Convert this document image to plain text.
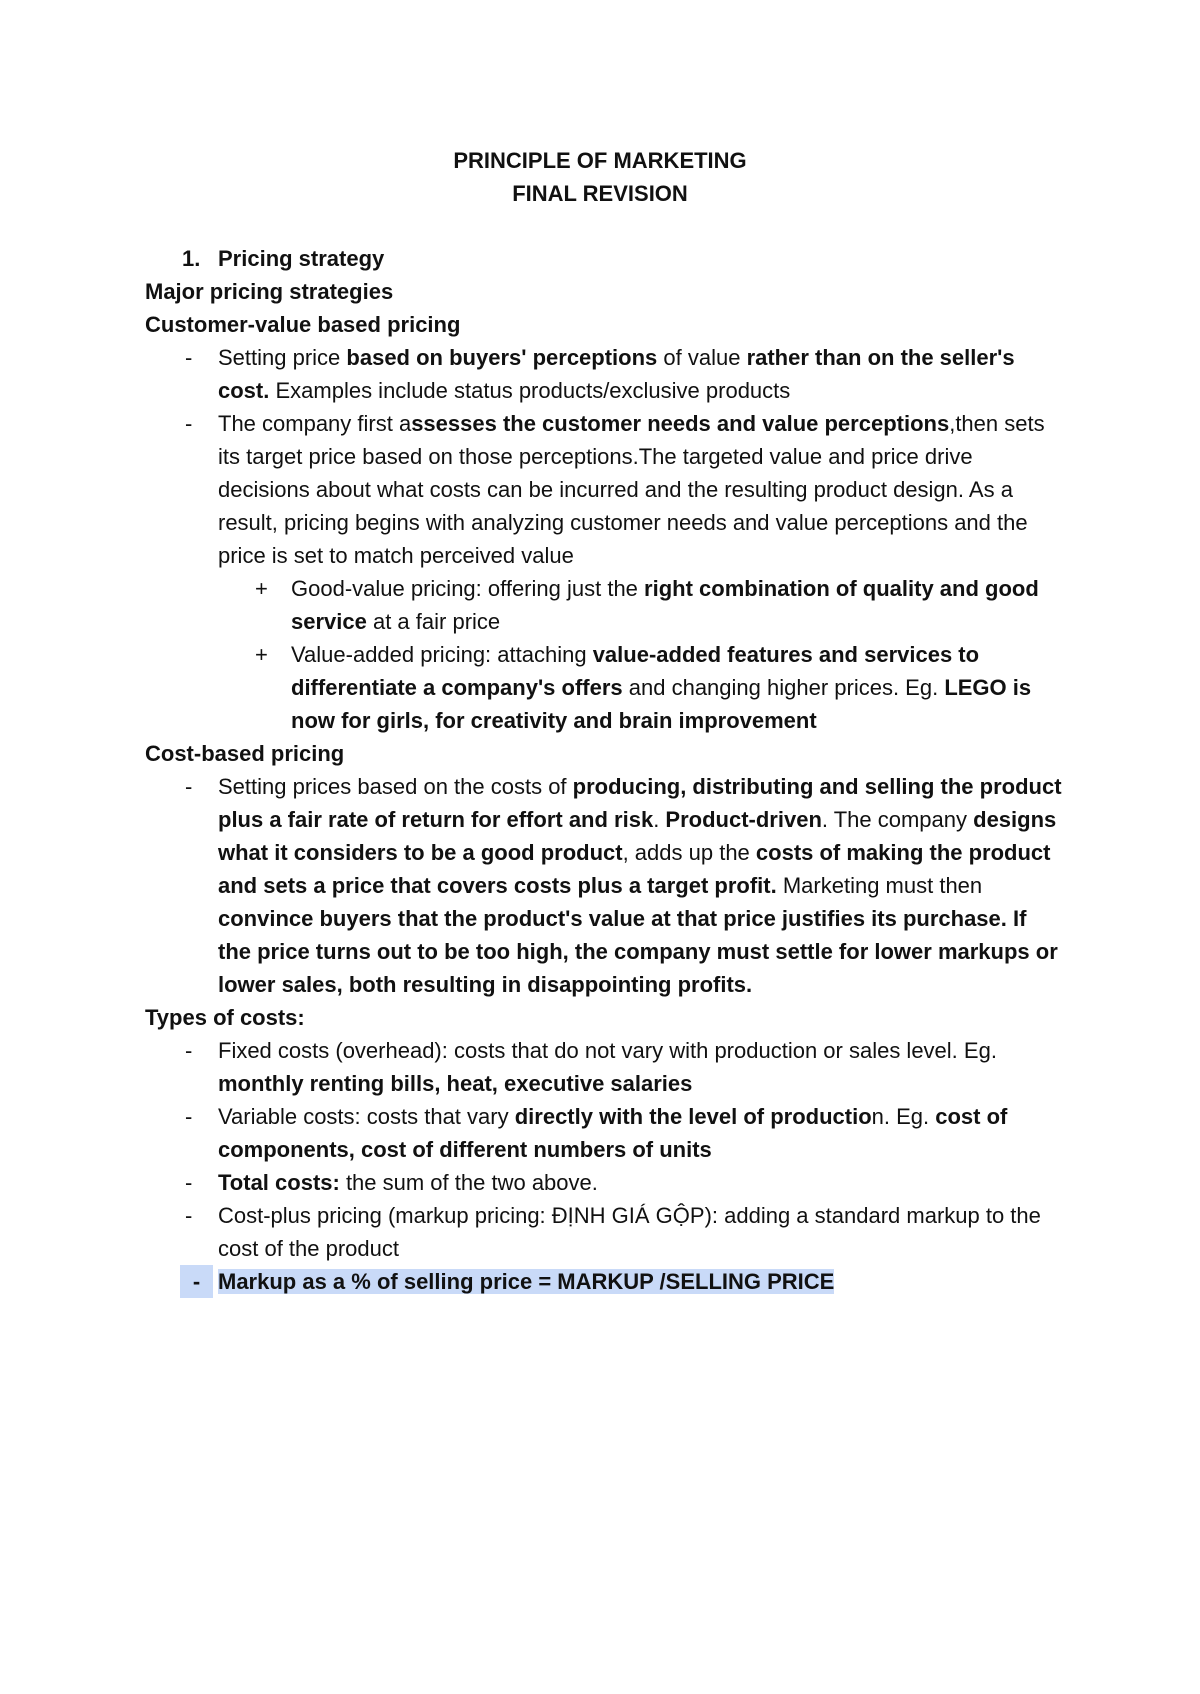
PRINCIPLE OF MARKETING
FINAL REVISION
1. Pricing strategy
Major pricing strategies
Customer-value based pricing
- Setting price based on buyers' perceptions of value rather than on the seller's cost. Examples include status products/exclusive products
- The company first assesses the customer needs and value perceptions,then sets its target price based on those perceptions.The targeted value and price drive decisions about what costs can be incurred and the resulting product design. As a result, pricing begins with analyzing customer needs and value perceptions and the price is set to match perceived value
+ Good-value pricing: offering just the right combination of quality and good service at a fair price
+ Value-added pricing: attaching value-added features and services to differentiate a company's offers and changing higher prices. Eg. LEGO is now for girls, for creativity and brain improvement
Cost-based pricing
- Setting prices based on the costs of producing, distributing and selling the product plus a fair rate of return for effort and risk. Product-driven. The company designs what it considers to be a good product, adds up the costs of making the product and sets a price that covers costs plus a target profit. Marketing must then convince buyers that the product's value at that price justifies its purchase. If the price turns out to be too high, the company must settle for lower markups or lower sales, both resulting in disappointing profits.
Types of costs:
- Fixed costs (overhead): costs that do not vary with production or sales level. Eg. monthly renting bills, heat, executive salaries
- Variable costs: costs that vary directly with the level of production. Eg. cost of components, cost of different numbers of units
- Total costs: the sum of the two above.
- Cost-plus pricing (markup pricing: ĐỊNH GIÁ GỘP): adding a standard markup to the cost of the product
- Markup as a % of selling price = MARKUP /SELLING PRICE
